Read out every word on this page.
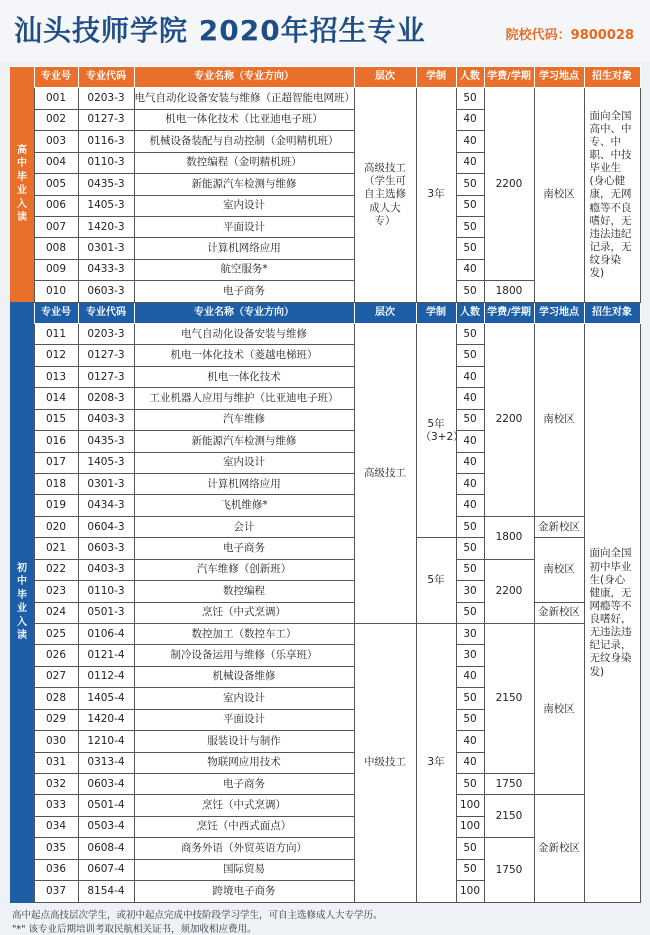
汕头技师学院 2020年招生专业	院校代码：9800028
高中毕业入读	专业号	专业代码	专业名称（专业方向）	层次	学制	人数	学费/学期	学习地点	招生对象
	001	0203-3	电气自动化设备安装与维修（正超智能电网班）	高级技工（学生可自主选修成人大专）	3年	50	2200	南校区	面向全国高中、中专、中职、中技毕业生(身心健康，无网瘾等不良嗜好，无违法违纪记录，无纹身染发)
	002	0127-3	机电一体化技术（比亚迪电子班）			40			
	003	0116-3	机械设备装配与自动控制（金明精机班）			40			
	004	0110-3	数控编程（金明精机班）			40			
	005	0435-3	新能源汽车检测与维修			50			
	006	1405-3	室内设计			50			
	007	1420-3	平面设计			50			
	008	0301-3	计算机网络应用			50			
	009	0433-3	航空服务*			40			
	010	0603-3	电子商务			50	1800		
初中毕业入读	专业号	专业代码	专业名称（专业方向）	层次	学制	人数	学费/学期	学习地点	招生对象
	011	0203-3	电气自动化设备安装与维修	高级技工	5年（3+2）	50	2200	南校区	面向全国初中毕业生(身心健康，无网瘾等不良嗜好，无违法违纪记录，无纹身染发)
	012	0127-3	机电一体化技术（菱越电梯班）			50			
	013	0127-3	机电一体化技术			40			
	014	0208-3	工业机器人应用与维护（比亚迪电子班）			40			
	015	0403-3	汽车维修			50			
	016	0435-3	新能源汽车检测与维修			40			
	017	1405-3	室内设计			40			
	018	0301-3	计算机网络应用			40			
	019	0434-3	飞机维修*			40			
	020	0604-3	会计			50	1800	金新校区	
	021	0603-3	电子商务		5年	50		南校区	
	022	0403-3	汽车维修（创新班）			50	2200		
	023	0110-3	数控编程			30			
	024	0501-3	烹饪（中式烹调）			50		金新校区	
	025	0106-4	数控加工（数控车工）	中级技工	3年	30	2150	南校区	
	026	0121-4	制冷设备运用与维修（乐享班）			30			
	027	0112-4	机械设备维修			40			
	028	1405-4	室内设计			50			
	029	1420-4	平面设计			50			
	030	1210-4	服装设计与制作			40			
	031	0313-4	物联网应用技术			40			
	032	0603-4	电子商务			50	1750		
	033	0501-4	烹饪（中式烹调）			100	2150	金新校区	
	034	0503-4	烹饪（中西式面点）			100			
	035	0608-4	商务外语（外贸英语方向）			50	1750		
	036	0607-4	国际贸易			50			
	037	8154-4	跨境电子商务			100			
高中起点高技层次学生，或初中起点完成中技阶段学习学生，可自主选修成人大专学历。
"*" 该专业后期培训考取民航相关证书，须加收相应费用。
